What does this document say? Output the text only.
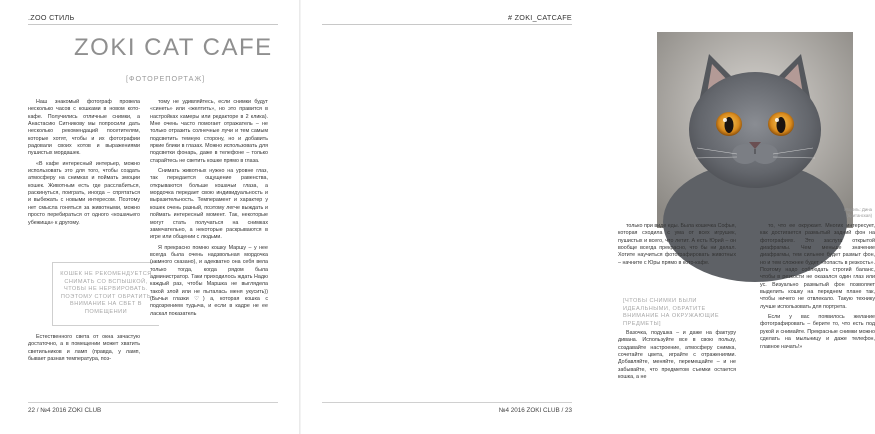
.ZOO СТИЛЬ
ZOKI CAT CAFE
[ФОТОРЕПОРТАЖ]

Наш знакомый фотограф провела несколько часов с кошками в новом кото-кафе. Получились отличные снимки, а Анастасию Ситникову мы попросили дать несколько рекомендаций посетителям, которые хотят, чтобы и их фотографии радовали своих котов и выражениями пушистых мордашек.

«В кафе интересный интерьер, можно использовать это для того, чтобы создать атмосферу на снимках и поймать эмоции кошек. Животным есть где расслабиться, раскинуться, поиграть, иногда – спрятаться и выбежать с новыми интересом. Поэтому нет смысла гоняться за животными, можно просто перебираться от одного «кошачьего убежища» к другому.

КОШЕК НЕ РЕКОМЕНДУЕТСЯ СНИМАТЬ СО ВСПЫШКОЙ, ЧТОБЫ НЕ НЕРВИРОВАТЬ. ПОЭТОМУ СТОИТ ОБРАТИТЬ ВНИМАНИЕ НА СВЕТ В ПОМЕЩЕНИИ

Естественного света от окна зачастую достаточно, а в помещении может хватить светильников и ламп (правда, у ламп, бывает разная температура, поэ-

тому не удивляйтесь, если снимки будут «синеть» или «желтить», но это правится в настройках камеры или редакторе в 2 клика). Мне очень часто помогает отражатель – не только отразить солнечные лучи и тем самым подсветить темную сторону, но и добавить яркие блики в глазах. Можно использовать для подсветки фонарь, даже в телефоне – только старайтесь не светить кошке прямо в глаза.

Снимать животных нужно на уровне глаз, так передается ощущение равенства, открываются больше кошачьи глаза, а мордочка передает свою индивидуальность и выразительность. Темперамент и характер у кошек очень разный, поэтому легче выждать и поймать интересный момент. Так, некоторые могут стать получаться на снимках замечательно, а некоторые раскрываются в игре или общении с людьми.

Я прекрасно помню кошку Маршу – у нее всегда была очень надзвольная мордочка (немного сказано), и адекватно она себя вела только тогда, когда рядом была администратор. Таки приходилось ждать Надю каждый раз, чтобы Маршка не выглядела такой злой или не пыталась меня укусить)) (Бычьи глазки ♡) а, которая кошка с подозрением тудыча, и если в кадре не ее ласкал показатель

22 / №4 2016 ZOKI CLUB
# ZOKI_CATCAFE
Модель: Дина (британская)

только при виде еды. Была кошечка Софья, которая сходила с ума от всех игрушек, пушистых и всего, что летит. А есть Юрий – он вообще всегда прекрасно, что бы ни делал. Хотите научиться фотографировать животных – начните с Юры прямо в кото-кафе.

[ЧТОБЫ СНИМКИ БЫЛИ ИДЕАЛЬНЫМИ, ОБРАТИТЕ ВНИМАНИЕ НА ОКРУЖАЮЩИЕ ПРЕДМЕТЫ]

Вазочка, подушка – и даже на фактуру дивана. Используйте все в свою пользу, создавайте настроение, атмосферу снимка, сочетайте цвета, играйте с отражениями. Добавляйте, меняйте, перемещайте – и не забывайте, что предметом съемки остается кошка, а не

то, что ее окружает. Многих интересует, как достигается размытый задний фон на фотографиях. Это заслуга открытой диафрагмы. Чем меньше значение диафрагмы, тем сильнее будет размыт фон, но и тем сложнее будет «попасть в резкость». Поэтому надо соблюдать строгий баланс, чтобы в резкости не оказался один глаз или ус. Визуально размытый фон позволяет выделить кошку на переднем плане так, чтобы ничего не отвлекало. Такую технику лучше использовать для портрета.

Если у вас появилось желание фотографировать – берите то, что есть под рукой и снимайте. Прекрасные снимки можно сделать на мыльницу и даже телефон, главное начать!»

№4 2016 ZOKI CLUB / 23
